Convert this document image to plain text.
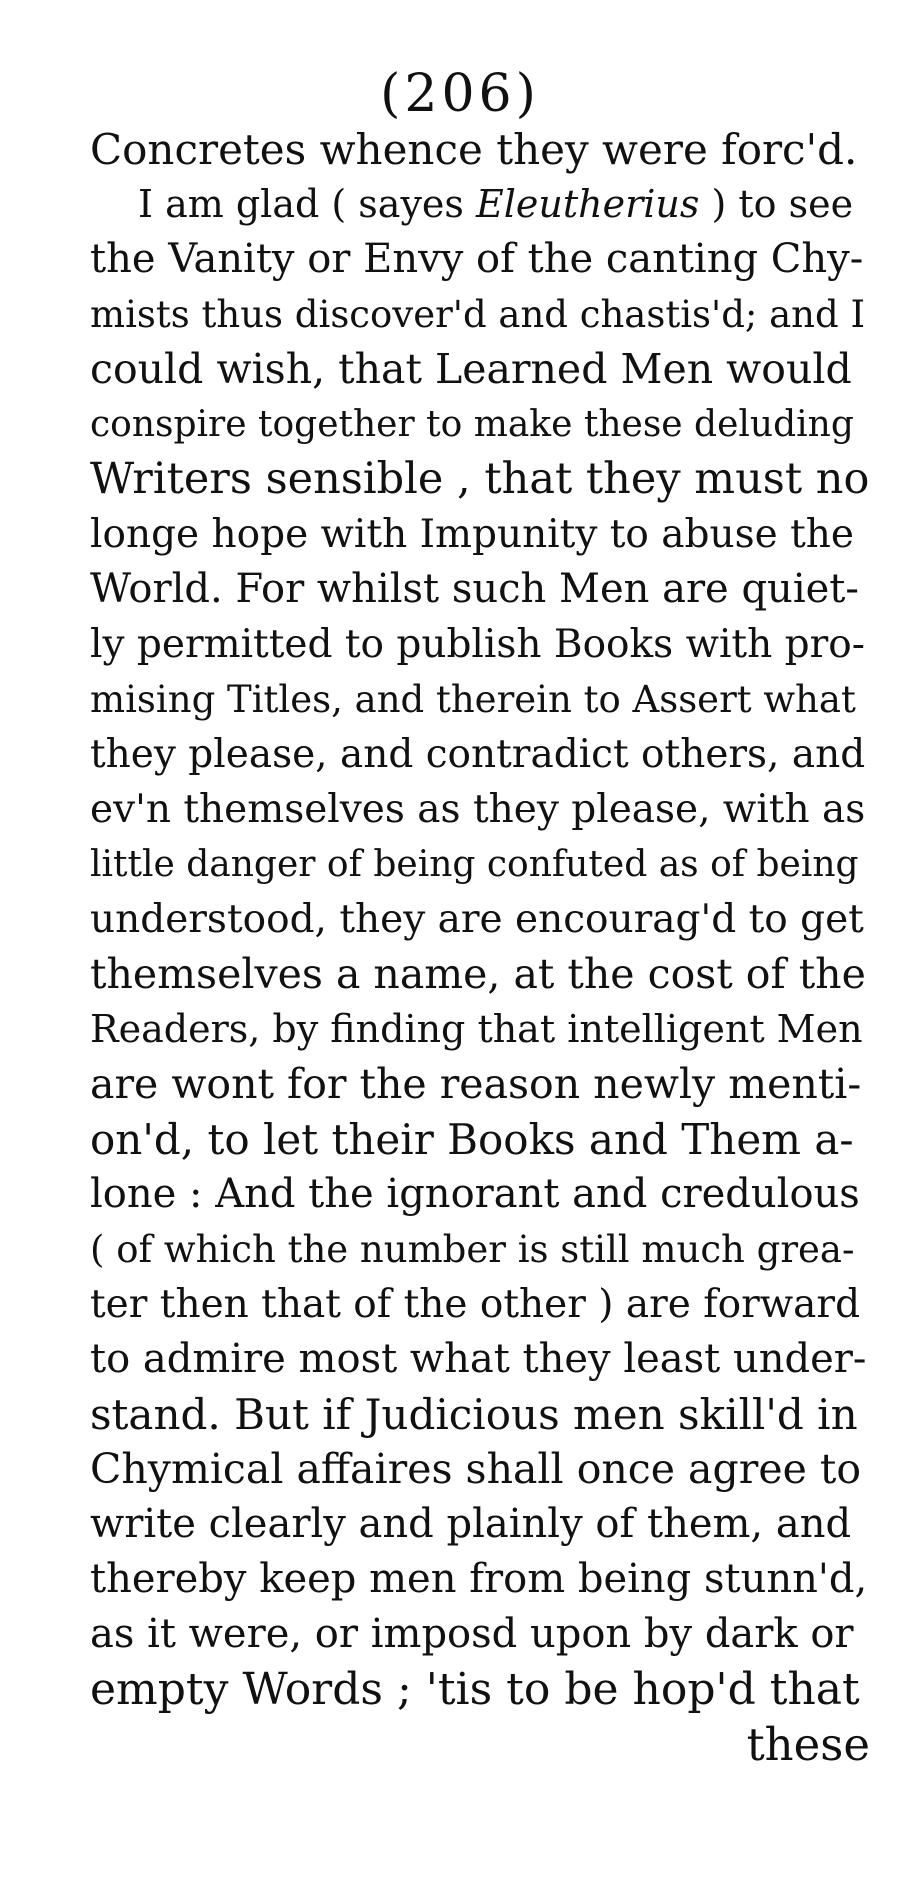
(206)
Concretes whence they were forc'd.
I am glad ( sayes Eleutherius ) to see
the Vanity or Envy of the canting Chy-
mists thus discover'd and chastis'd; and I
could wish, that Learned Men would
conspire together to make these deluding
Writers sensible , that they must no
longe hope with Impunity to abuse the
World. For whilst such Men are quiet-
ly permitted to publish Books with pro-
mising Titles, and therein to Assert what
they please, and contradict others, and
ev'n themselves as they please, with as
little danger of being confuted as of being
understood, they are encourag'd to get
themselves a name, at the cost of the
Readers, by finding that intelligent Men
are wont for the reason newly menti-
on'd, to let their Books and Them a-
lone : And the ignorant and credulous
( of which the number is still much grea-
ter then that of the other ) are forward
to admire most what they least under-
stand. But if Judicious men skill'd in
Chymical affaires shall once agree to
write clearly and plainly of them, and
thereby keep men from being stunn'd,
as it were, or imposd upon by dark or
empty Words ; 'tis to be hop'd that
these
